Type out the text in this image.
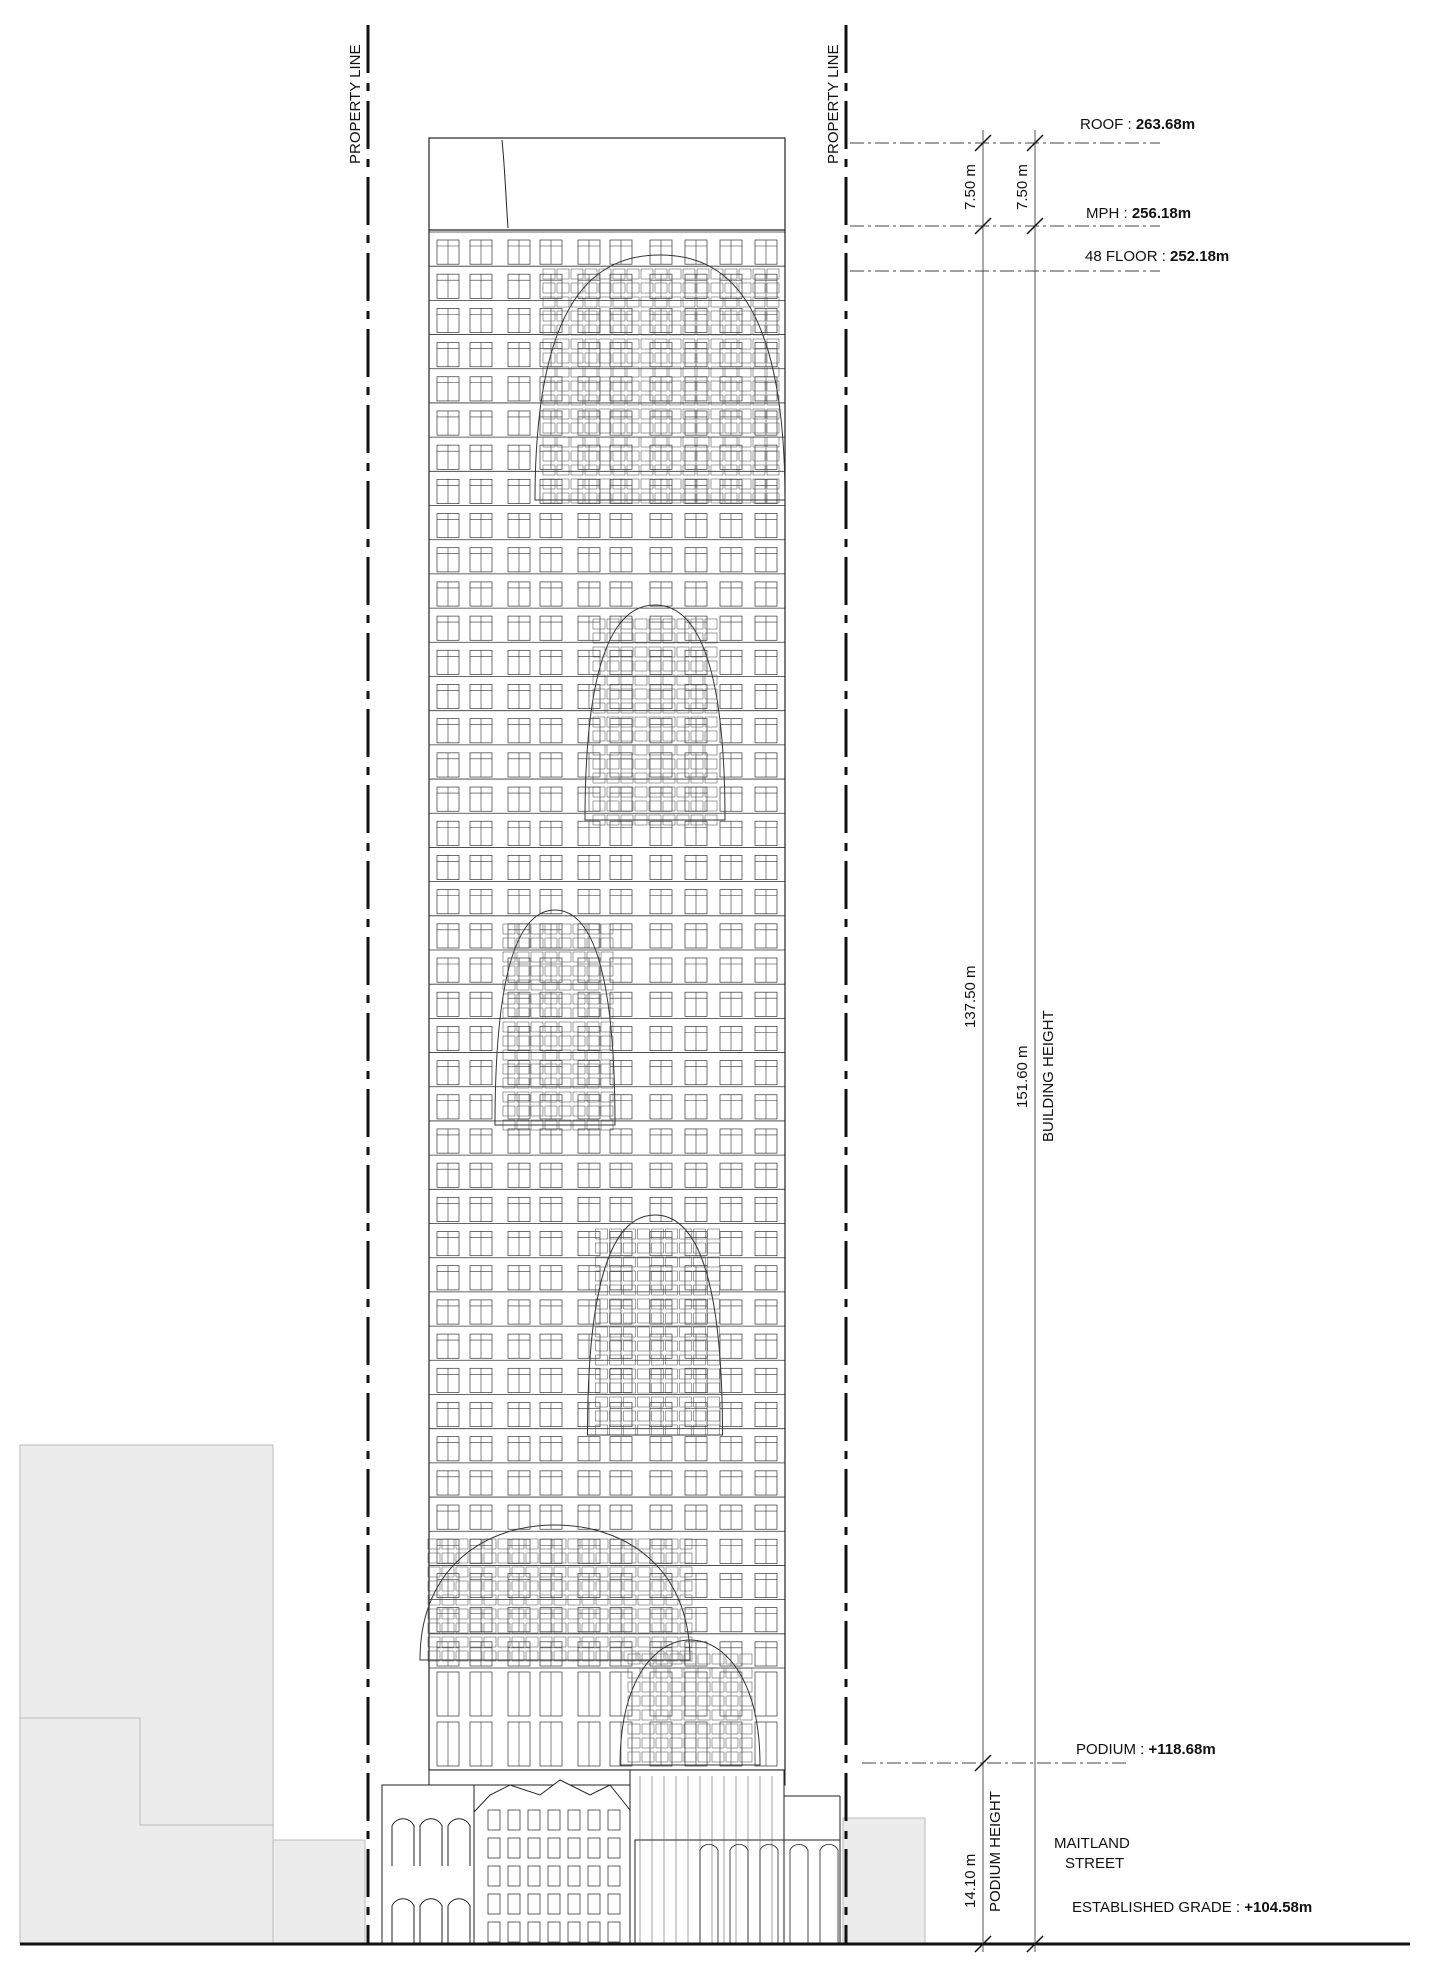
ROOF : 263.68m
MPH : 256.18m
48 FLOOR : 252.18m
PODIUM : +118.68m
ESTABLISHED GRADE : +104.58m
MAITLAND
STREET
PROPERTY LINE	PROPERTY LINE
7.50 m 7.50 m
137.50 m
151.60 m BUILDING HEIGHT
14.10 m PODIUM HEIGHT
